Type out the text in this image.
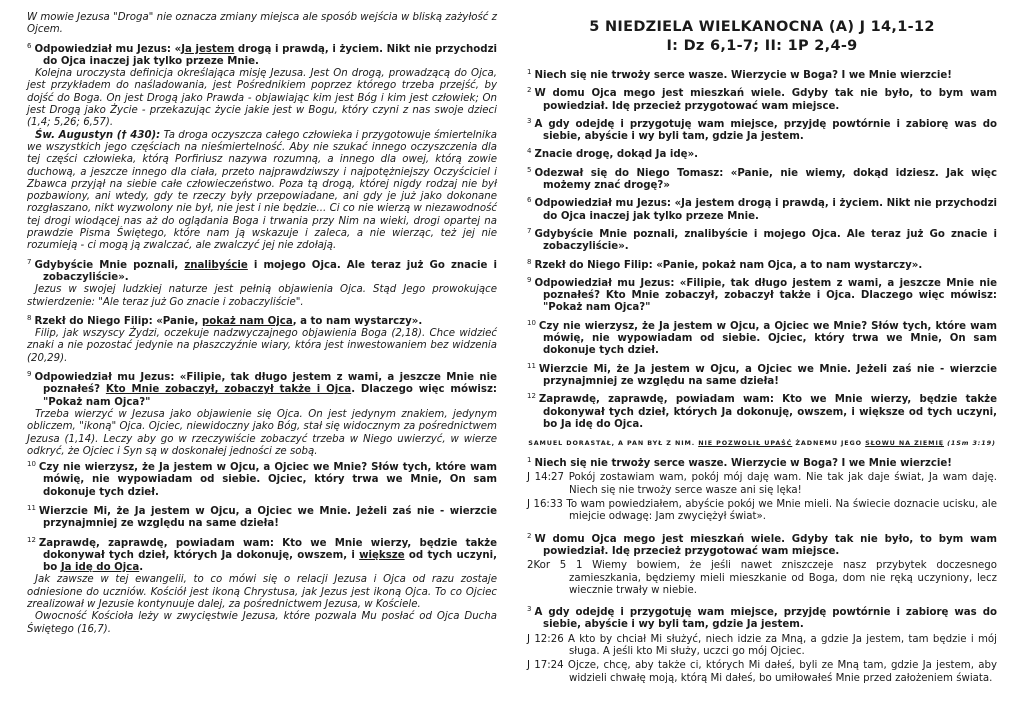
W mowie Jezusa "Droga" nie oznacza zmiany miejsca ale sposób wejścia w bliską zażyłość z Ojcem.

$^6$ Odpowiedział mu Jezus: «Ja jestem drogą i prawdą, i życiem. Nikt nie przychodzi do Ojca inaczej jak tylko przeze Mnie.

Kolejna uroczysta definicja określająca misję Jezusa. Jest On drogą, prowadzącą do Ojca, jest przykładem do naśladowania, jest Pośrednikiem poprzez którego trzeba przejść, by dojść do Boga. On jest Drogą jako Prawda - objawiając kim jest Bóg i kim jest człowiek; On jest Drogą jako Życie - przekazując życie jakie jest w Bogu, który czyni z nas swoje dzieci (1,4; 5,26; 6,57).

Św. Augustyn († 430): Ta droga oczyszcza całego człowieka i przygotowuje śmiertelnika we wszystkich jego częściach na nieśmiertelność. Aby nie szukać innego oczyszczenia dla tej części człowieka, którą Porfiriusz nazywa rozumną, a innego dla owej, którą zowie duchową, a jeszcze innego dla ciała, przeto najprawdziwszy i najpotężniejszy Oczyściciel i Zbawca przyjął na siebie całe człowieczeństwo. Poza tą drogą, której nigdy rodzaj nie był pozbawiony, ani wtedy, gdy te rzeczy były przepowiadane, ani gdy je już jako dokonane rozgłaszano, nikt wyzwolony nie był, nie jest i nie będzie... Ci co nie wierzą w niezawodność tej drogi wiodącej nas aż do oglądania Boga i trwania przy Nim na wieki, drogi opartej na prawdzie Pisma Świętego, które nam ją wskazuje i zaleca, a nie wierząc, też jej nie rozumieją - ci mogą ją zwalczać, ale zwalczyć jej nie zdołają.

$^7$ Gdybyście Mnie poznali, znalibyście i mojego Ojca. Ale teraz już Go znacie i zobaczyliście».

Jezus w swojej ludzkiej naturze jest pełnią objawienia Ojca. Stąd Jego prowokujące stwierdzenie: "Ale teraz już Go znacie i zobaczyliście".

$^8$ Rzekł do Niego Filip: «Panie, pokaż nam Ojca, a to nam wystarczy».

Filip, jak wszyscy Żydzi, oczekuje nadzwyczajnego objawienia Boga (2,18). Chce widzieć znaki a nie pozostać jedynie na płaszczyźnie wiary, która jest inwestowaniem bez widzenia (20,29).

$^9$ Odpowiedział mu Jezus: «Filipie, tak długo jestem z wami, a jeszcze Mnie nie poznałeś? Kto Mnie zobaczył, zobaczył także i Ojca. Dlaczego więc mówisz: "Pokaż nam Ojca?"

Trzeba wierzyć w Jezusa jako objawienie się Ojca. On jest jedynym znakiem, jedynym obliczem, "ikoną" Ojca. Ojciec, niewidoczny jako Bóg, stał się widocznym za pośrednictwem Jezusa (1,14). Leczy aby go w rzeczywiście zobaczyć trzeba w Niego uwierzyć, w wierze odkryć, że Ojciec i Syn są w doskonałej jedności ze sobą.

$^{10}$ Czy nie wierzysz, że Ja jestem w Ojcu, a Ojciec we Mnie? Słów tych, które wam mówię, nie wypowiadam od siebie. Ojciec, który trwa we Mnie, On sam dokonuje tych dzieł.

$^{11}$ Wierzcie Mi, że Ja jestem w Ojcu, a Ojciec we Mnie. Jeżeli zaś nie - wierzcie przynajmniej ze względu na same dzieła!

$^{12}$ Zaprawdę, zaprawdę, powiadam wam: Kto we Mnie wierzy, będzie także dokonywał tych dzieł, których Ja dokonuję, owszem, i większe od tych uczyni, bo Ja idę do Ojca.

Jak zawsze w tej ewangelii, to co mówi się o relacji Jezusa i Ojca od razu zostaje odniesione do uczniów. Kościół jest ikoną Chrystusa, jak Jezus jest ikoną Ojca. To co Ojciec zrealizował w Jezusie kontynuuje dalej, za pośrednictwem Jezusa, w Kościele.

Owocność Kościoła leży w zwycięstwie Jezusa, które pozwala Mu posłać od Ojca Ducha Świętego (16,7).

5 NIEDZIELA WIELKANOCNA (A) J 14,1-12
I: Dz 6,1-7; II: 1P 2,4-9

$^1$ Niech się nie trwoży serce wasze. Wierzycie w Boga? I we Mnie wierzcie!

$^2$ W domu Ojca mego jest mieszkań wiele. Gdyby tak nie było, to bym wam powiedział. Idę przecież przygotować wam miejsce.

$^3$ A gdy odejdę i przygotuję wam miejsce, przyjdę powtórnie i zabiorę was do siebie, abyście i wy byli tam, gdzie Ja jestem.

$^4$ Znacie drogę, dokąd Ja idę».

$^5$ Odezwał się do Niego Tomasz: «Panie, nie wiemy, dokąd idziesz. Jak więc możemy znać drogę?»

$^6$ Odpowiedział mu Jezus: «Ja jestem drogą i prawdą, i życiem. Nikt nie przychodzi do Ojca inaczej jak tylko przeze Mnie.

$^7$ Gdybyście Mnie poznali, znalibyście i mojego Ojca. Ale teraz już Go znacie i zobaczyliście».

$^8$ Rzekł do Niego Filip: «Panie, pokaż nam Ojca, a to nam wystarczy».

$^9$ Odpowiedział mu Jezus: «Filipie, tak długo jestem z wami, a jeszcze Mnie nie poznałeś? Kto Mnie zobaczył, zobaczył także i Ojca. Dlaczego więc mówisz: "Pokaż nam Ojca?"

$^{10}$ Czy nie wierzysz, że Ja jestem w Ojcu, a Ojciec we Mnie? Słów tych, które wam mówię, nie wypowiadam od siebie. Ojciec, który trwa we Mnie, On sam dokonuje tych dzieł.

$^{11}$ Wierzcie Mi, że Ja jestem w Ojcu, a Ojciec we Mnie. Jeżeli zaś nie - wierzcie przynajmniej ze względu na same dzieła!

$^{12}$ Zaprawdę, zaprawdę, powiadam wam: Kto we Mnie wierzy, będzie także dokonywał tych dzieł, których Ja dokonuję, owszem, i większe od tych uczyni, bo Ja idę do Ojca.

SAMUEL DORASTAŁ, A PAN BYŁ Z NIM. NIE POZWOLIŁ UPAŚĆ ŻADNEMU JEGO SŁOWU NA ZIEMIĘ (1Sm 3:19)

$^1$ Niech się nie trwoży serce wasze. Wierzycie w Boga? I we Mnie wierzcie!

J 14:27 Pokój zostawiam wam, pokój mój daję wam. Nie tak jak daje świat, Ja wam daję. Niech się nie trwoży serce wasze ani się lęka!

J 16:33 To wam powiedziałem, abyście pokój we Mnie mieli. Na świecie doznacie ucisku, ale miejcie odwagę: Jam zwyciężył świat».

$^2$ W domu Ojca mego jest mieszkań wiele. Gdyby tak nie było, to bym wam powiedział. Idę przecież przygotować wam miejsce.

2Kor 5 1 Wiemy bowiem, że jeśli nawet zniszczeje nasz przybytek doczesnego zamieszkania, będziemy mieli mieszkanie od Boga, dom nie ręką uczyniony, lecz wiecznie trwały w niebie.

$^3$ A gdy odejdę i przygotuję wam miejsce, przyjdę powtórnie i zabiorę was do siebie, abyście i wy byli tam, gdzie Ja jestem.

J 12:26 A kto by chciał Mi służyć, niech idzie za Mną, a gdzie Ja jestem, tam będzie i mój sługa. A jeśli kto Mi służy, uczci go mój Ojciec.

J 17:24 Ojcze, chcę, aby także ci, których Mi dałeś, byli ze Mną tam, gdzie Ja jestem, aby widzieli chwałę moją, którą Mi dałeś, bo umiłowałeś Mnie przed założeniem świata.
